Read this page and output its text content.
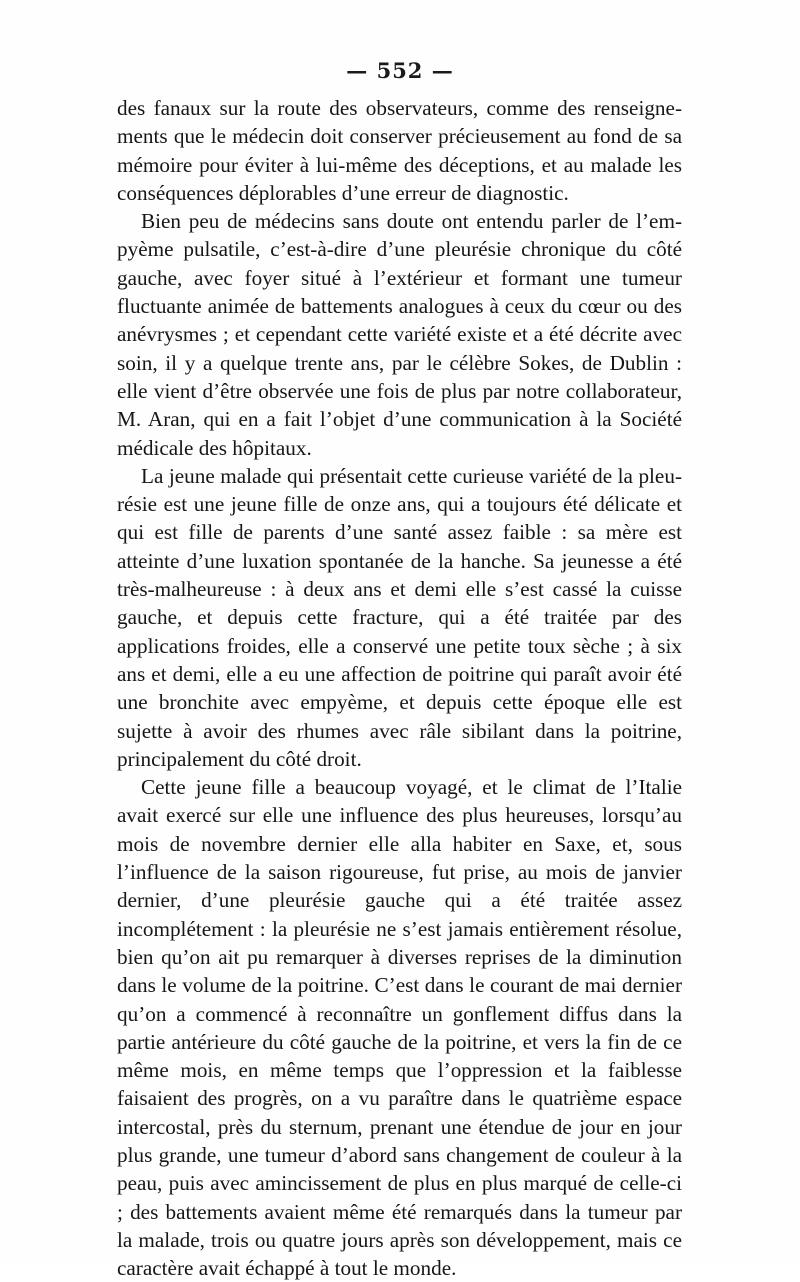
— 552 —

des fanaux sur la route des observateurs, comme des renseignements que le médecin doit conserver précieusement au fond de sa mémoire pour éviter à lui-même des déceptions, et au malade les conséquences déplorables d’une erreur de diagnostic.

Bien peu de médecins sans doute ont entendu parler de l’empyème pulsatile, c’est-à-dire d’une pleurésie chronique du côté gauche, avec foyer situé à l’extérieur et formant une tumeur fluctuante animée de battements analogues à ceux du cœur ou des anévrysmes ; et cependant cette variété existe et a été décrite avec soin, il y a quelque trente ans, par le célèbre Sokes, de Dublin : elle vient d’être observée une fois de plus par notre collaborateur, M. Aran, qui en a fait l’objet d’une communication à la Société médicale des hôpitaux.

La jeune malade qui présentait cette curieuse variété de la pleurésie est une jeune fille de onze ans, qui a toujours été délicate et qui est fille de parents d’une santé assez faible : sa mère est atteinte d’une luxation spontanée de la hanche. Sa jeunesse a été très-malheureuse : à deux ans et demi elle s’est cassé la cuisse gauche, et depuis cette fracture, qui a été traitée par des applications froides, elle a conservé une petite toux sèche ; à six ans et demi, elle a eu une affection de poitrine qui paraît avoir été une bronchite avec empyème, et depuis cette époque elle est sujette à avoir des rhumes avec râle sibilant dans la poitrine, principalement du côté droit.

Cette jeune fille a beaucoup voyagé, et le climat de l’Italie avait exercé sur elle une influence des plus heureuses, lorsqu’au mois de novembre dernier elle alla habiter en Saxe, et, sous l’influence de la saison rigoureuse, fut prise, au mois de janvier dernier, d’une pleurésie gauche qui a été traitée assez incomplétement : la pleurésie ne s’est jamais entièrement résolue, bien qu’on ait pu remarquer à diverses reprises de la diminution dans le volume de la poitrine. C’est dans le courant de mai dernier qu’on a commencé à reconnaître un gonflement diffus dans la partie antérieure du côté gauche de la poitrine, et vers la fin de ce même mois, en même temps que l’oppression et la faiblesse faisaient des progrès, on a vu paraître dans le quatrième espace intercostal, près du sternum, prenant une étendue de jour en jour plus grande, une tumeur d’abord sans changement de couleur à la peau, puis avec amincissement de plus en plus marqué de celle-ci ; des battements avaient même été remarqués dans la tumeur par la malade, trois ou quatre jours après son développement, mais ce caractère avait échappé à tout le monde.
